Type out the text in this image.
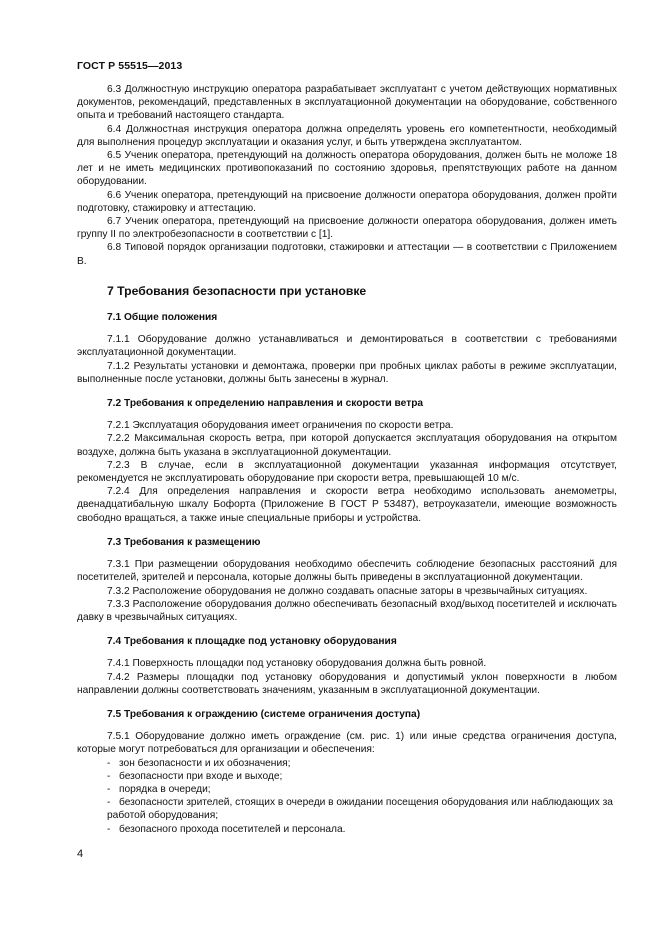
ГОСТ Р 55515—2013

6.3 Должностную инструкцию оператора разрабатывает эксплуатант с учетом действующих нормативных документов, рекомендаций, представленных в эксплуатационной документации на оборудование, собственного опыта и требований настоящего стандарта.

6.4 Должностная инструкция оператора должна определять уровень его компетентности, необходимый для выполнения процедур эксплуатации и оказания услуг, и быть утверждена эксплуатантом.

6.5 Ученик оператора, претендующий на должность оператора оборудования, должен быть не моложе 18 лет и не иметь медицинских противопоказаний по состоянию здоровья, препятствующих работе на данном оборудовании.

6.6 Ученик оператора, претендующий на присвоение должности оператора оборудования, должен пройти подготовку, стажировку и аттестацию.

6.7 Ученик оператора, претендующий на присвоение должности оператора оборудования, должен иметь группу II по электробезопасности в соответствии с [1].

6.8 Типовой порядок организации подготовки, стажировки и аттестации — в соответствии с Приложением В.

7 Требования безопасности при установке
7.1 Общие положения

7.1.1 Оборудование должно устанавливаться и демонтироваться в соответствии с требованиями эксплуатационной документации.

7.1.2 Результаты установки и демонтажа, проверки при пробных циклах работы в режиме эксплуатации, выполненные после установки, должны быть занесены в журнал.

7.2 Требования к определению направления и скорости ветра

7.2.1 Эксплуатация оборудования имеет ограничения по скорости ветра.

7.2.2 Максимальная скорость ветра, при которой допускается эксплуатация оборудования на открытом воздухе, должна быть указана в эксплуатационной документации.

7.2.3 В случае, если в эксплуатационной документации указанная информация отсутствует, рекомендуется не эксплуатировать оборудование при скорости ветра, превышающей 10 м/с.

7.2.4 Для определения направления и скорости ветра необходимо использовать анемометры, двенадцатибальную шкалу Бофорта (Приложение В ГОСТ Р 53487), ветроуказатели, имеющие возможность свободно вращаться, а также иные специальные приборы и устройства.

7.3 Требования к размещению

7.3.1 При размещении оборудования необходимо обеспечить соблюдение безопасных расстояний для посетителей, зрителей и персонала, которые должны быть приведены в эксплуатационной документации.

7.3.2 Расположение оборудования не должно создавать опасные заторы в чрезвычайных ситуациях.

7.3.3 Расположение оборудования должно обеспечивать безопасный вход/выход посетителей и исключать давку в чрезвычайных ситуациях.

7.4 Требования к площадке под установку оборудования

7.4.1 Поверхность площадки под установку оборудования должна быть ровной.

7.4.2 Размеры площадки под установку оборудования и допустимый уклон поверхности в любом направлении должны соответствовать значениям, указанным в эксплуатационной документации.

7.5 Требования к ограждению (системе ограничения доступа)

7.5.1 Оборудование должно иметь ограждение (см. рис. 1) или иные средства ограничения доступа, которые могут потребоваться для организации и обеспечения:

- зон безопасности и их обозначения;

- безопасности при входе и выходе;

- порядка в очереди;

- безопасности зрителей, стоящих в очереди в ожидании посещения оборудования или наблюдающих за работой оборудования;

- безопасного прохода посетителей и персонала.

4
